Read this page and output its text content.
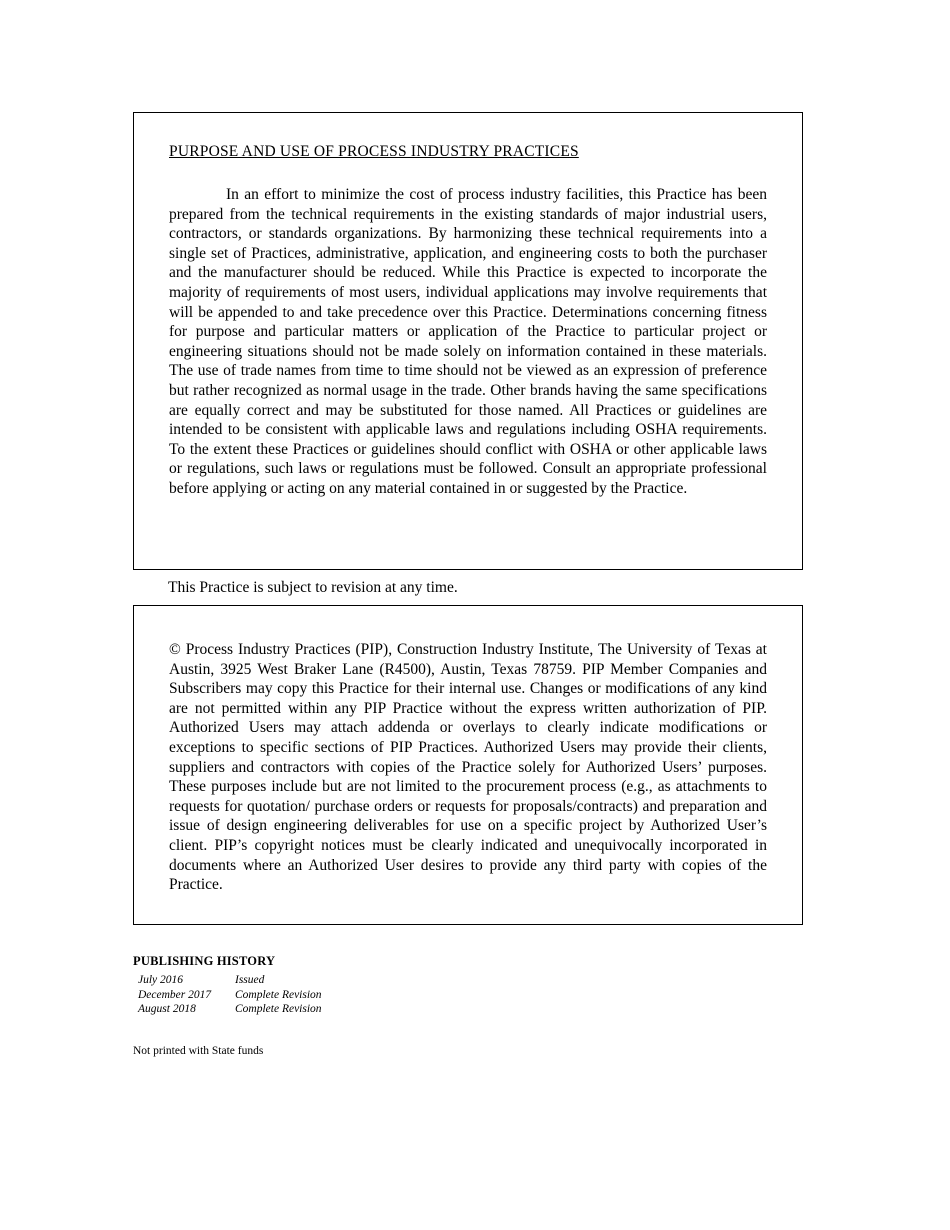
PURPOSE AND USE OF PROCESS INDUSTRY PRACTICES
In an effort to minimize the cost of process industry facilities, this Practice has been prepared from the technical requirements in the existing standards of major industrial users, contractors, or standards organizations. By harmonizing these technical requirements into a single set of Practices, administrative, application, and engineering costs to both the purchaser and the manufacturer should be reduced. While this Practice is expected to incorporate the majority of requirements of most users, individual applications may involve requirements that will be appended to and take precedence over this Practice. Determinations concerning fitness for purpose and particular matters or application of the Practice to particular project or engineering situations should not be made solely on information contained in these materials. The use of trade names from time to time should not be viewed as an expression of preference but rather recognized as normal usage in the trade. Other brands having the same specifications are equally correct and may be substituted for those named. All Practices or guidelines are intended to be consistent with applicable laws and regulations including OSHA requirements. To the extent these Practices or guidelines should conflict with OSHA or other applicable laws or regulations, such laws or regulations must be followed. Consult an appropriate professional before applying or acting on any material contained in or suggested by the Practice.
This Practice is subject to revision at any time.
© Process Industry Practices (PIP), Construction Industry Institute, The University of Texas at Austin, 3925 West Braker Lane (R4500), Austin, Texas 78759. PIP Member Companies and Subscribers may copy this Practice for their internal use. Changes or modifications of any kind are not permitted within any PIP Practice without the express written authorization of PIP. Authorized Users may attach addenda or overlays to clearly indicate modifications or exceptions to specific sections of PIP Practices. Authorized Users may provide their clients, suppliers and contractors with copies of the Practice solely for Authorized Users’ purposes. These purposes include but are not limited to the procurement process (e.g., as attachments to requests for quotation/ purchase orders or requests for proposals/contracts) and preparation and issue of design engineering deliverables for use on a specific project by Authorized User’s client. PIP’s copyright notices must be clearly indicated and unequivocally incorporated in documents where an Authorized User desires to provide any third party with copies of the Practice.
PUBLISHING HISTORY
July 2016	Issued
December 2017	Complete Revision
August 2018	Complete Revision
Not printed with State funds
